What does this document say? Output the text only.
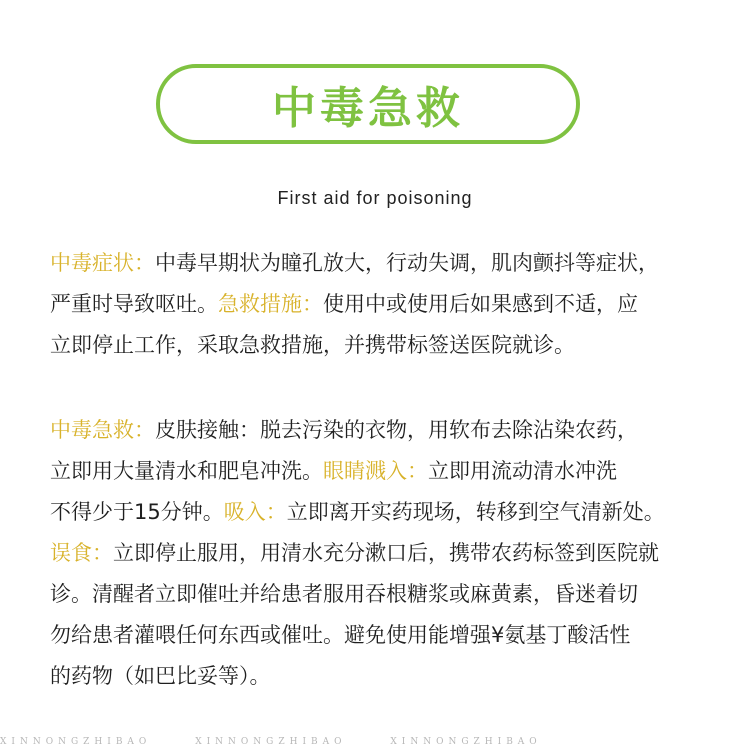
中毒急救
First aid for poisoning
中毒症状：中毒早期状为瞳孔放大，行动失调，肌肉颤抖等症状，
严重时导致呕吐。急救措施：使用中或使用后如果感到不适，应
立即停止工作，采取急救措施，并携带标签送医院就诊。
中毒急救：皮肤接触：脱去污染的衣物，用软布去除沾染农药，
立即用大量清水和肥皂冲洗。眼睛溅入：立即用流动清水冲洗
不得少于15分钟。吸入：立即离开实药现场，转移到空气清新处。
误食：立即停止服用，用清水充分漱口后，携带农药标签到医院就
诊。清醒者立即催吐并给患者服用吞根糖浆或麻黄素，昏迷着切
勿给患者灌喂任何东西或催吐。避免使用能增强¥氨基丁酸活性
的药物（如巴比妥等）。
XINNONGZHIBAO	XINNONGZHIBAO	XINNONGZHIBAO
